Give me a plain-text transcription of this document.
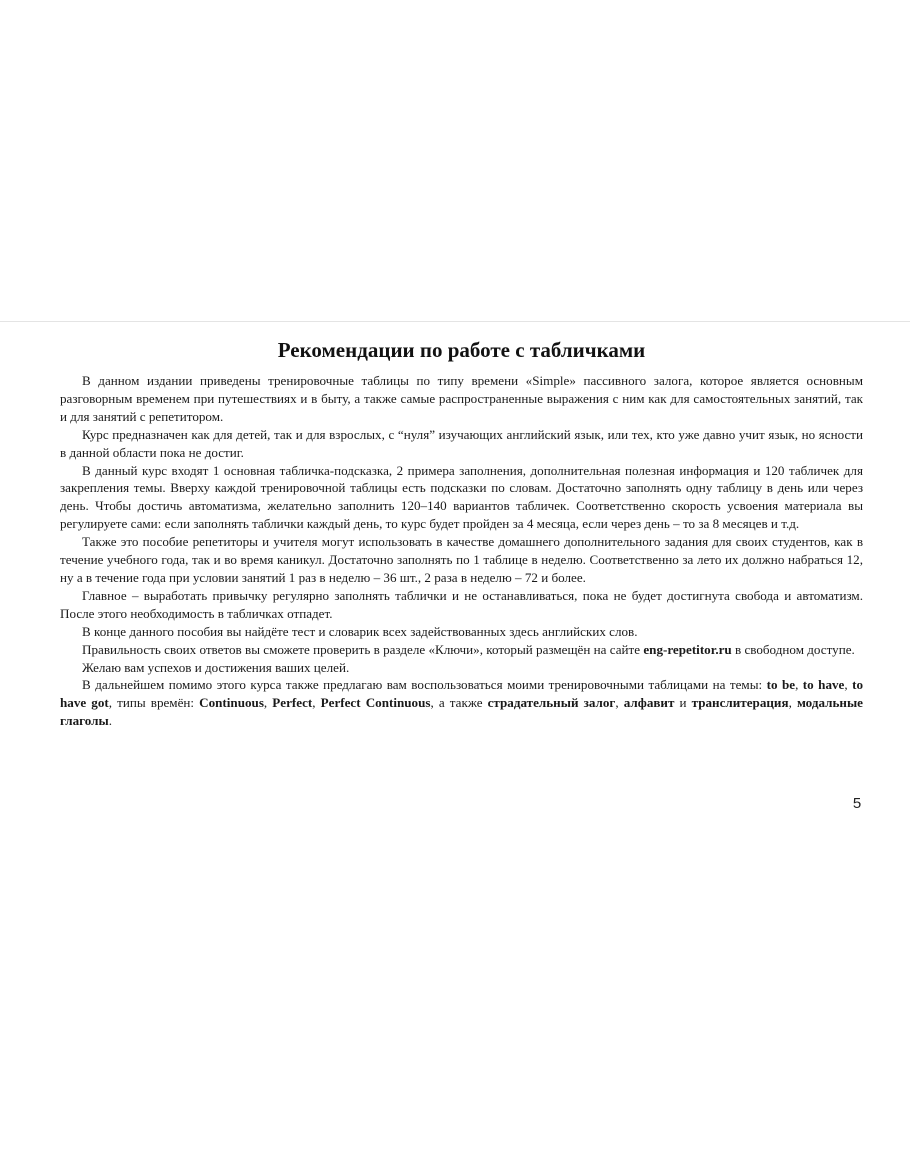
Рекомендации по работе с табличками

В данном издании приведены тренировочные таблицы по типу времени «Simple» пассивного залога, которое является основным разговорным временем при путешествиях и в быту, а также самые распространенные выражения с ним как для самостоятельных занятий, так и для занятий с репетитором.

Курс предназначен как для детей, так и для взрослых, с “нуля” изучающих английский язык, или тех, кто уже давно учит язык, но ясности в данной области пока не достиг.

В данный курс входят 1 основная табличка-подсказка, 2 примера заполнения, дополнительная полезная информация и 120 табличек для закрепления темы. Вверху каждой тренировочной таблицы есть подсказки по словам. Достаточно заполнять одну таблицу в день или через день. Чтобы достичь автоматизма, желательно заполнить 120–140 вариантов табличек. Соответственно скорость усвоения материала вы регулируете сами: если заполнять таблички каждый день, то курс будет пройден за 4 месяца, если через день – то за 8 месяцев и т.д.

Также это пособие репетиторы и учителя могут использовать в качестве домашнего дополнительного задания для своих студентов, как в течение учебного года, так и во время каникул. Достаточно заполнять по 1 таблице в неделю. Соответственно за лето их должно набраться 12, ну а в течение года при условии занятий 1 раз в неделю – 36 шт., 2 раза в неделю – 72 и более.

Главное – выработать привычку регулярно заполнять таблички и не останавливаться, пока не будет достигнута свобода и автоматизм. После этого необходимость в табличках отпадет.

В конце данного пособия вы найдёте тест и словарик всех задействованных здесь английских слов.

Правильность своих ответов вы сможете проверить в разделе «Ключи», который размещён на сайте eng-repetitor.ru в свободном доступе.

Желаю вам успехов и достижения ваших целей.

В дальнейшем помимо этого курса также предлагаю вам воспользоваться моими тренировочными таблицами на темы: to be, to have, to have got, типы времён: Continuous, Perfect, Perfect Continuous, а также страдательный залог, алфавит и транслитерация, модальные глаголы.

5
